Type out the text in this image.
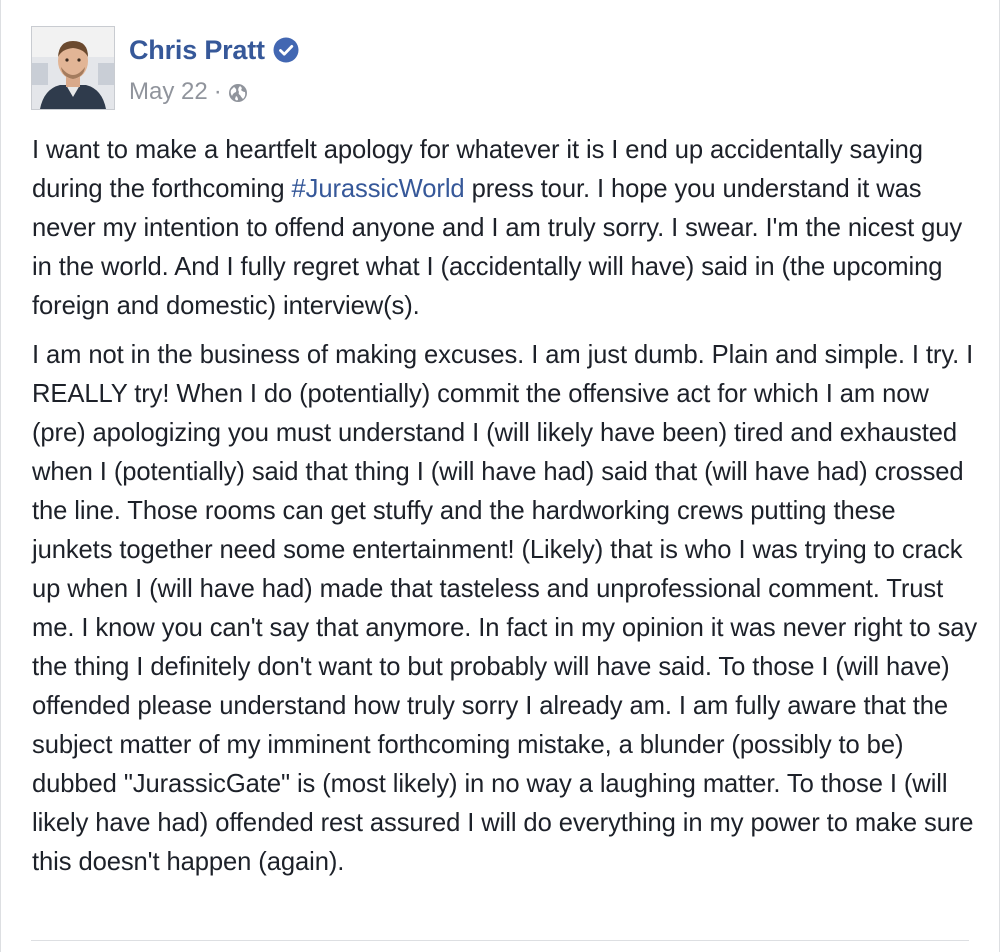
Chris Pratt
May 22 ·

I want to make a heartfelt apology for whatever it is I end up accidentally saying during the forthcoming #JurassicWorld press tour. I hope you understand it was never my intention to offend anyone and I am truly sorry. I swear. I'm the nicest guy in the world. And I fully regret what I (accidentally will have) said in (the upcoming foreign and domestic) interview(s).

I am not in the business of making excuses. I am just dumb. Plain and simple. I try. I REALLY try! When I do (potentially) commit the offensive act for which I am now (pre) apologizing you must understand I (will likely have been) tired and exhausted when I (potentially) said that thing I (will have had) said that (will have had) crossed the line. Those rooms can get stuffy and the hardworking crews putting these junkets together need some entertainment! (Likely) that is who I was trying to crack up when I (will have had) made that tasteless and unprofessional comment. Trust me. I know you can't say that anymore. In fact in my opinion it was never right to say the thing I definitely don't want to but probably will have said. To those I (will have) offended please understand how truly sorry I already am. I am fully aware that the subject matter of my imminent forthcoming mistake, a blunder (possibly to be) dubbed "JurassicGate" is (most likely) in no way a laughing matter. To those I (will likely have had) offended rest assured I will do everything in my power to make sure this doesn't happen (again).
